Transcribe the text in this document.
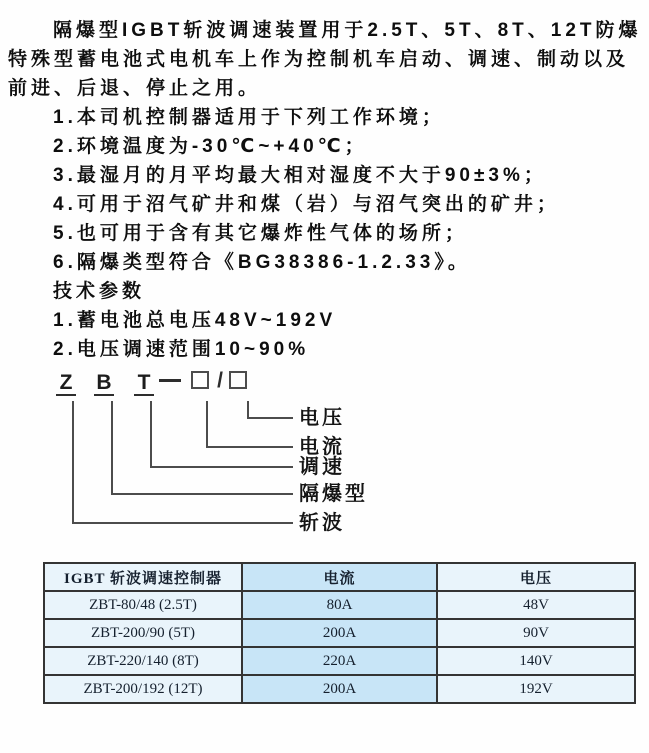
隔爆型IGBT斩波调速装置用于2.5T、5T、8T、12T防爆
特殊型蓄电池式电机车上作为控制机车启动、调速、制动以及
前进、后退、停止之用。
1.本司机控制器适用于下列工作环境；
2.环境温度为-30℃~+40℃；
3.最湿月的月平均最大相对湿度不大于90±3%；
4.可用于沼气矿井和煤（岩）与沼气突出的矿井；
5.也可用于含有其它爆炸性气体的场所；
6.隔爆类型符合《BG38386-1.2.33》。
技术参数
1.蓄电池总电压48V~192V
2.电压调速范围10~90%
Z B T	/
电压
电流
调速
隔爆型
斩波
IGBT 斩波调速控制器	电流	电压
ZBT-80/48 (2.5T)	80A	48V
ZBT-200/90 (5T)	200A	90V
ZBT-220/140 (8T)	220A	140V
ZBT-200/192 (12T)	200A	192V
